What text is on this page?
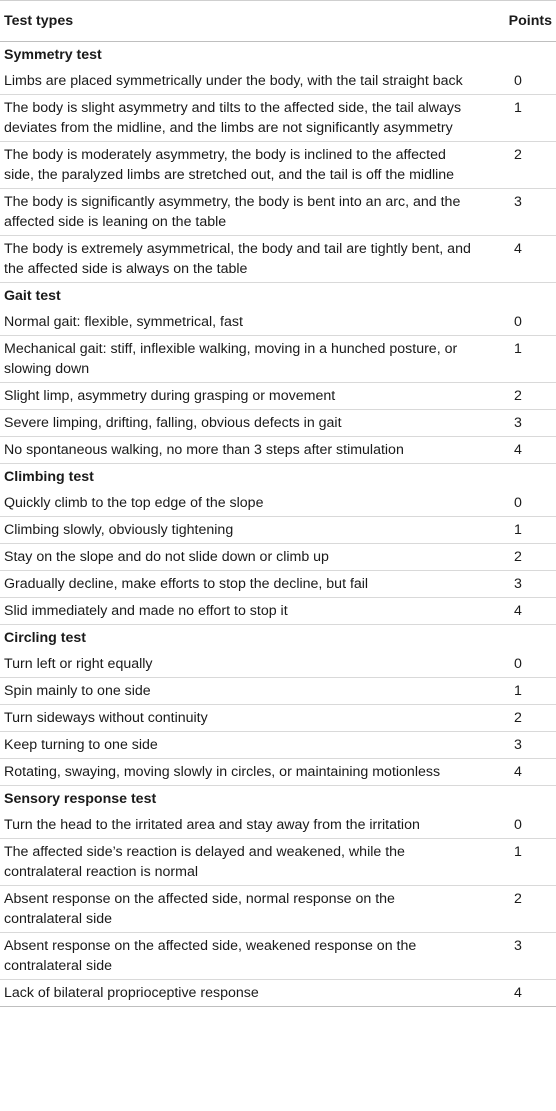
Test types	Points
Symmetry test	
Limbs are placed symmetrically under the body, with the tail straight back	0
The body is slight asymmetry and tilts to the affected side, the tail always deviates from the midline, and the limbs are not significantly asymmetry	1
The body is moderately asymmetry, the body is inclined to the affected side, the paralyzed limbs are stretched out, and the tail is off the midline	2
The body is significantly asymmetry, the body is bent into an arc, and the affected side is leaning on the table	3
The body is extremely asymmetrical, the body and tail are tightly bent, and the affected side is always on the table	4
Gait test	
Normal gait: flexible, symmetrical, fast	0
Mechanical gait: stiff, inflexible walking, moving in a hunched posture, or slowing down	1
Slight limp, asymmetry during grasping or movement	2
Severe limping, drifting, falling, obvious defects in gait	3
No spontaneous walking, no more than 3 steps after stimulation	4
Climbing test	
Quickly climb to the top edge of the slope	0
Climbing slowly, obviously tightening	1
Stay on the slope and do not slide down or climb up	2
Gradually decline, make efforts to stop the decline, but fail	3
Slid immediately and made no effort to stop it	4
Circling test	
Turn left or right equally	0
Spin mainly to one side	1
Turn sideways without continuity	2
Keep turning to one side	3
Rotating, swaying, moving slowly in circles, or maintaining motionless	4
Sensory response test	
Turn the head to the irritated area and stay away from the irritation	0
The affected side’s reaction is delayed and weakened, while the contralateral reaction is normal	1
Absent response on the affected side, normal response on the contralateral side	2
Absent response on the affected side, weakened response on the contralateral side	3
Lack of bilateral proprioceptive response	4
